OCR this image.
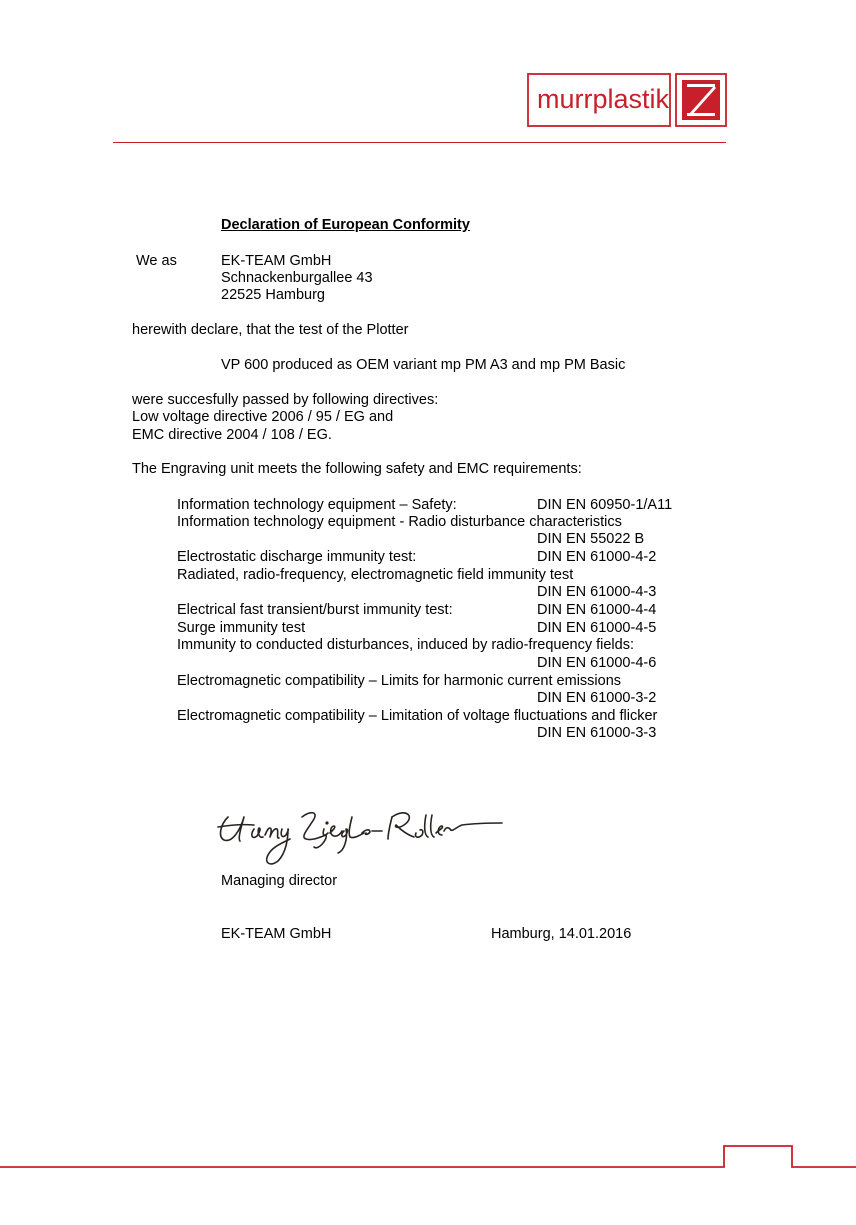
murrplastik
Declaration of European Conformity
We as	EK-TEAM GmbH
Schnackenburgallee 43
22525 Hamburg
herewith declare, that the test of the Plotter
VP 600 produced as OEM variant mp PM A3 and mp PM Basic
were succesfully passed by following directives:
Low voltage directive 2006 / 95 / EG and
EMC directive 2004 / 108 / EG.
The Engraving unit meets the following safety and EMC requirements:
Information technology equipment – Safety:	DIN EN 60950-1/A11
Information technology equipment - Radio disturbance characteristics
DIN EN 55022 B
Electrostatic discharge immunity test:	DIN EN 61000-4-2
Radiated, radio-frequency, electromagnetic field immunity test
DIN EN 61000-4-3
Electrical fast transient/burst immunity test:	DIN EN 61000-4-4
Surge immunity test	DIN EN 61000-4-5
Immunity to conducted disturbances, induced by radio-frequency fields:
DIN EN 61000-4-6
Electromagnetic compatibility – Limits for harmonic current emissions
DIN EN 61000-3-2
Electromagnetic compatibility – Limitation of voltage fluctuations and flicker
DIN EN 61000-3-3
Managing director
EK-TEAM GmbH	Hamburg, 14.01.2016
